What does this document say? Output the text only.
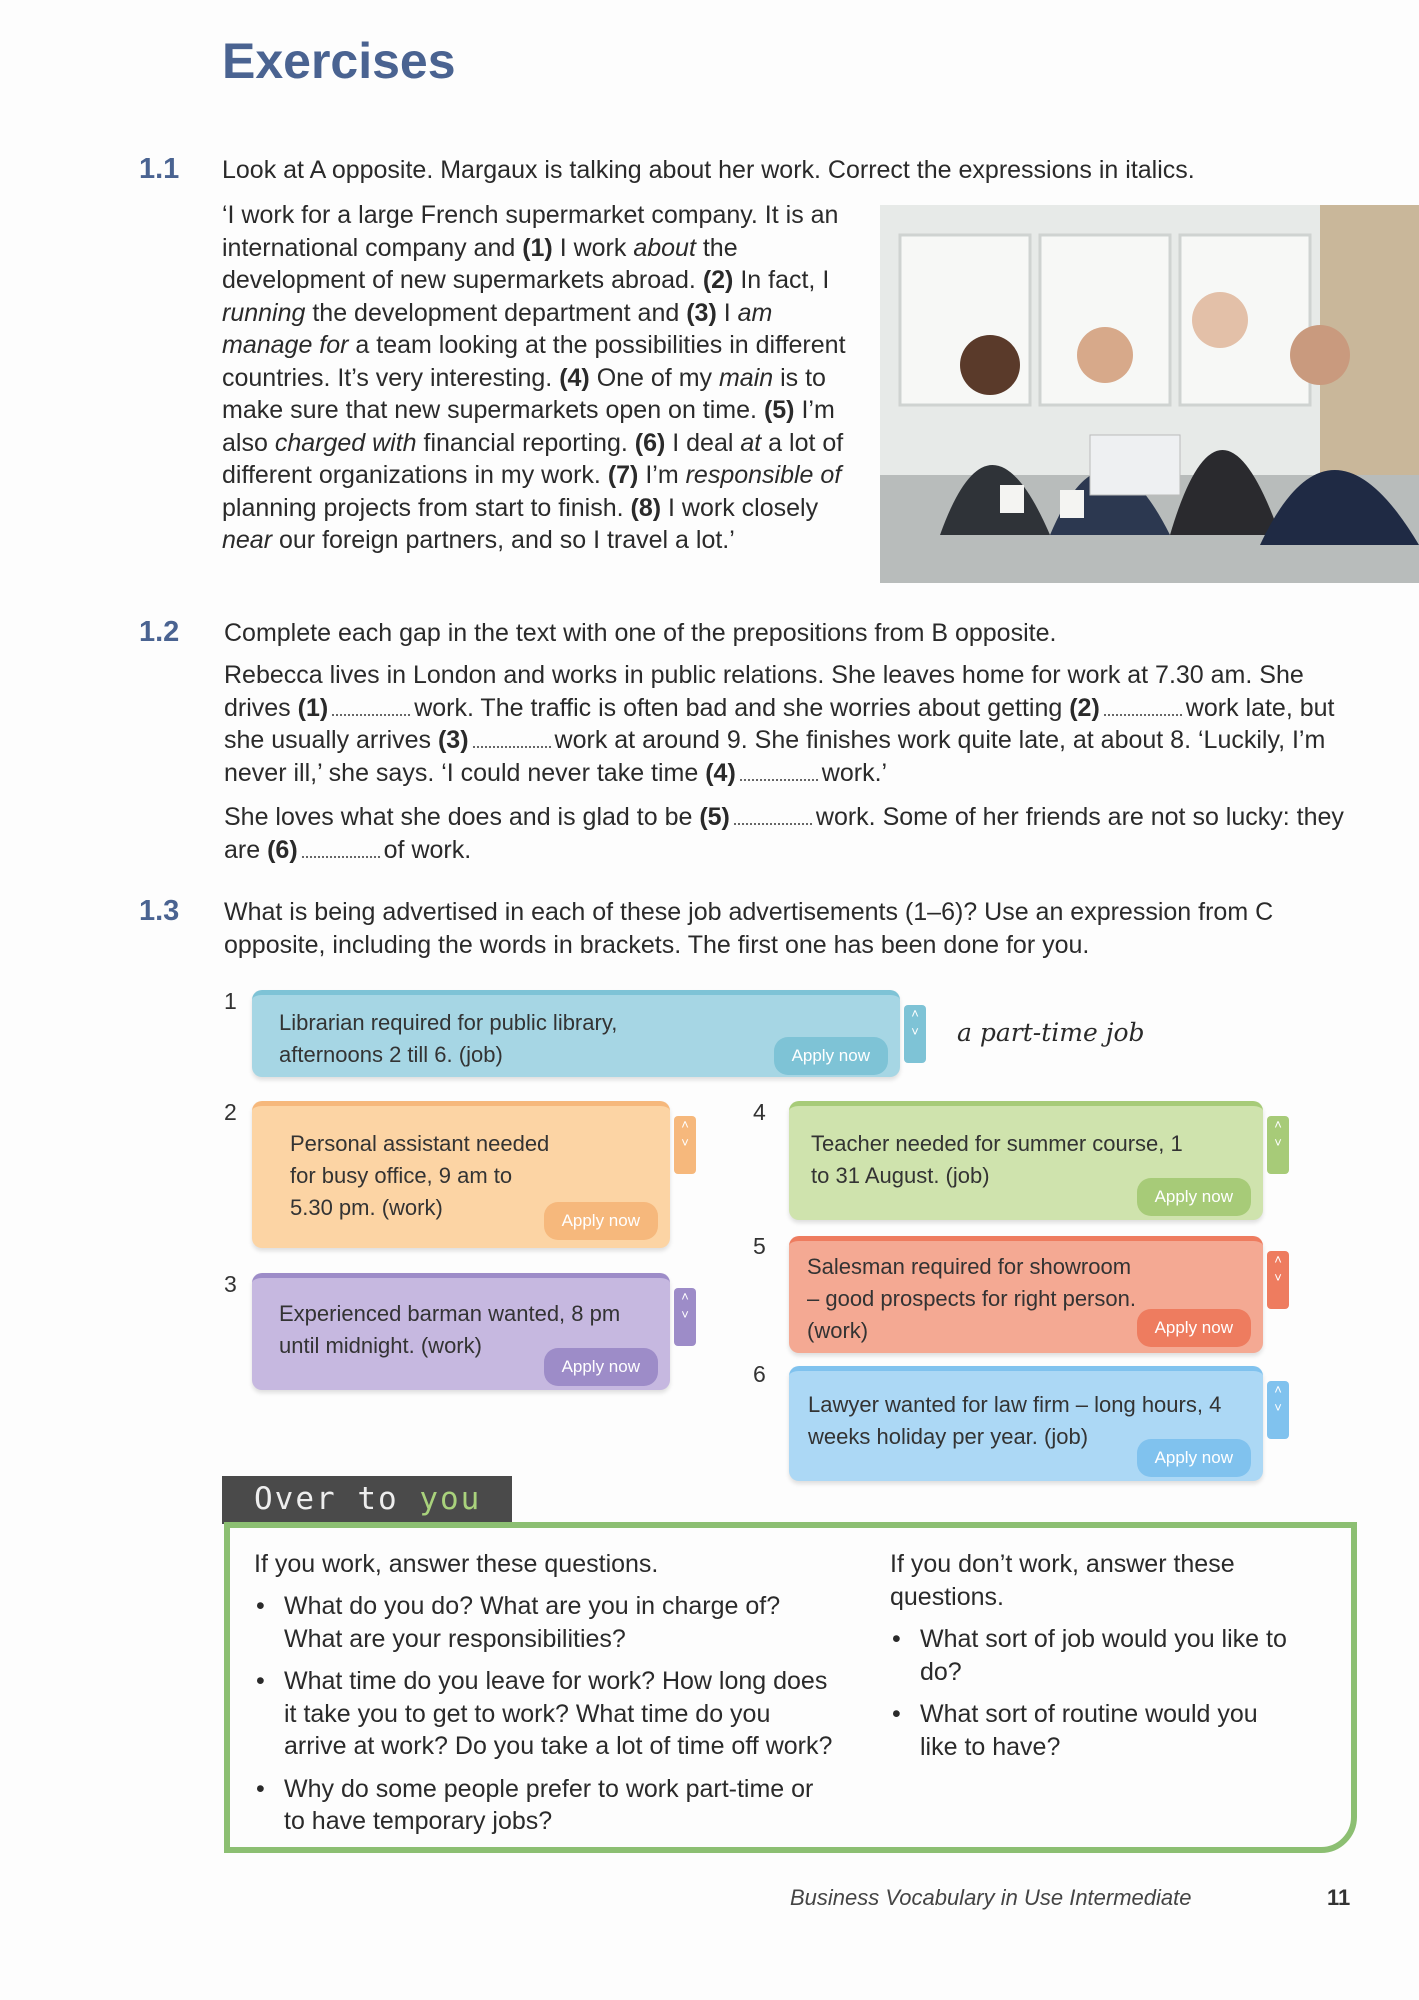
Exercises
1.1 Look at A opposite. Margaux is talking about her work. Correct the expressions in italics.
‘I work for a large French supermarket company. It is an international company and (1) I work about the development of new supermarkets abroad. (2) In fact, I running the development department and (3) I am manage for a team looking at the possibilities in different countries. It’s very interesting. (4) One of my main is to make sure that new supermarkets open on time. (5) I’m also charged with financial reporting. (6) I deal at a lot of different organizations in my work. (7) I’m responsible of planning projects from start to finish. (8) I work closely near our foreign partners, and so I travel a lot.’
1.2 Complete each gap in the text with one of the prepositions from B opposite.
Rebecca lives in London and works in public relations. She leaves home for work at 7.30 am. She drives (1)	work. The traffic is often bad and she worries about getting (2)	work late, but she usually arrives (3)	work at around 9. She finishes work quite late, at about 8. ‘Luckily, I’m never ill,’ she says. ‘I could never take time (4)	work.’
She loves what she does and is glad to be (5)	work. Some of her friends are not so lucky: they are (6)	of work.
1.3 What is being advertised in each of these job advertisements (1–6)? Use an expression from C opposite, including the words in brackets. The first one has been done for you.
1
Librarian required for public library, afternoons 2 till 6. (job)	Apply now
˄
˅ a part-time job
2
Personal assistant needed for busy office, 9 am to 5.30 pm. (work)
Apply now
˄
˅
3
Experienced barman wanted, 8 pm until midnight. (work)
Apply now
˄
˅
4
Teacher needed for summer course, 1 to 31 August. (job)
Apply now
˄
˅
5
Salesman required for showroom – good prospects for right person. (work)	Apply now
˄
˅
6
Lawyer wanted for law firm – long hours, 4 weeks holiday per year. (job)
Apply now
˄
˅
Over to you
If you work, answer these questions.
• What do you do? What are you in charge of? What are your responsibilities?
• What time do you leave for work? How long does it take you to get to work? What time do you arrive at work? Do you take a lot of time off work?
• Why do some people prefer to work part-time or to have temporary jobs?
If you don’t work, answer these questions.
• What sort of job would you like to do?
• What sort of routine would you like to have?
Business Vocabulary in Use Intermediate	11
